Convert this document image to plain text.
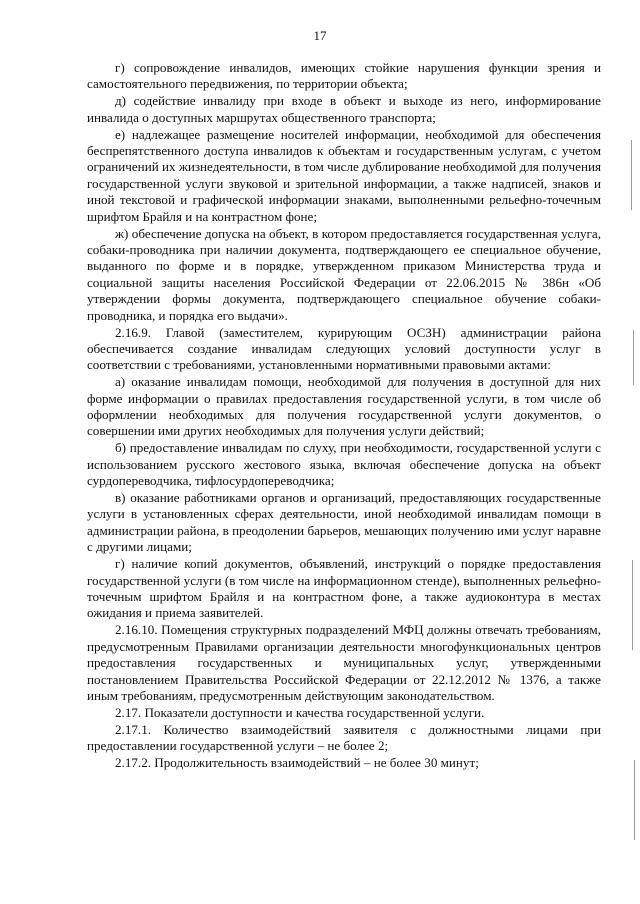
17

г) сопровождение инвалидов, имеющих стойкие нарушения функции зрения и самостоятельного передвижения, по территории объекта;

д) содействие инвалиду при входе в объект и выходе из него, информирование инвалида о доступных маршрутах общественного транспорта;

е) надлежащее размещение носителей информации, необходимой для обеспечения беспрепятственного доступа инвалидов к объектам и государственным услугам, с учетом ограничений их жизнедеятельности, в том числе дублирование необходимой для получения государственной услуги звуковой и зрительной информации, а также надписей, знаков и иной текстовой и графической информации знаками, выполненными рельефно-точечным шрифтом Брайля и на контрастном фоне;

ж) обеспечение допуска на объект, в котором предоставляется государственная услуга, собаки-проводника при наличии документа, подтверждающего ее специальное обучение, выданного по форме и в порядке, утвержденном приказом Министерства труда и социальной защиты населения Российской Федерации от 22.06.2015 № 386н «Об утверждении формы документа, подтверждающего специальное обучение собаки-проводника, и порядка его выдачи».

2.16.9. Главой (заместителем, курирующим ОСЗН) администрации района обеспечивается создание инвалидам следующих условий доступности услуг в соответствии с требованиями, установленными нормативными правовыми актами:

а) оказание инвалидам помощи, необходимой для получения в доступной для них форме информации о правилах предоставления государственной услуги, в том числе об оформлении необходимых для получения государственной услуги документов, о совершении ими других необходимых для получения услуги действий;

б) предоставление инвалидам по слуху, при необходимости, государственной услуги с использованием русского жестового языка, включая обеспечение допуска на объект сурдопереводчика, тифлосурдопереводчика;

в) оказание работниками органов и организаций, предоставляющих государственные услуги в установленных сферах деятельности, иной необходимой инвалидам помощи в администрации района, в преодолении барьеров, мешающих получению ими услуг наравне с другими лицами;

г) наличие копий документов, объявлений, инструкций о порядке предоставления государственной услуги (в том числе на информационном стенде), выполненных рельефно-точечным шрифтом Брайля и на контрастном фоне, а также аудиоконтура в местах ожидания и приема заявителей.

2.16.10. Помещения структурных подразделений МФЦ должны отвечать требованиям, предусмотренным Правилами организации деятельности многофункциональных центров предоставления государственных и муниципальных услуг, утвержденными постановлением Правительства Российской Федерации от 22.12.2012 № 1376, а также иным требованиям, предусмотренным действующим законодательством.

2.17. Показатели доступности и качества государственной услуги.

2.17.1. Количество взаимодействий заявителя с должностными лицами при предоставлении государственной услуги – не более 2;

2.17.2. Продолжительность взаимодействий – не более 30 минут;
